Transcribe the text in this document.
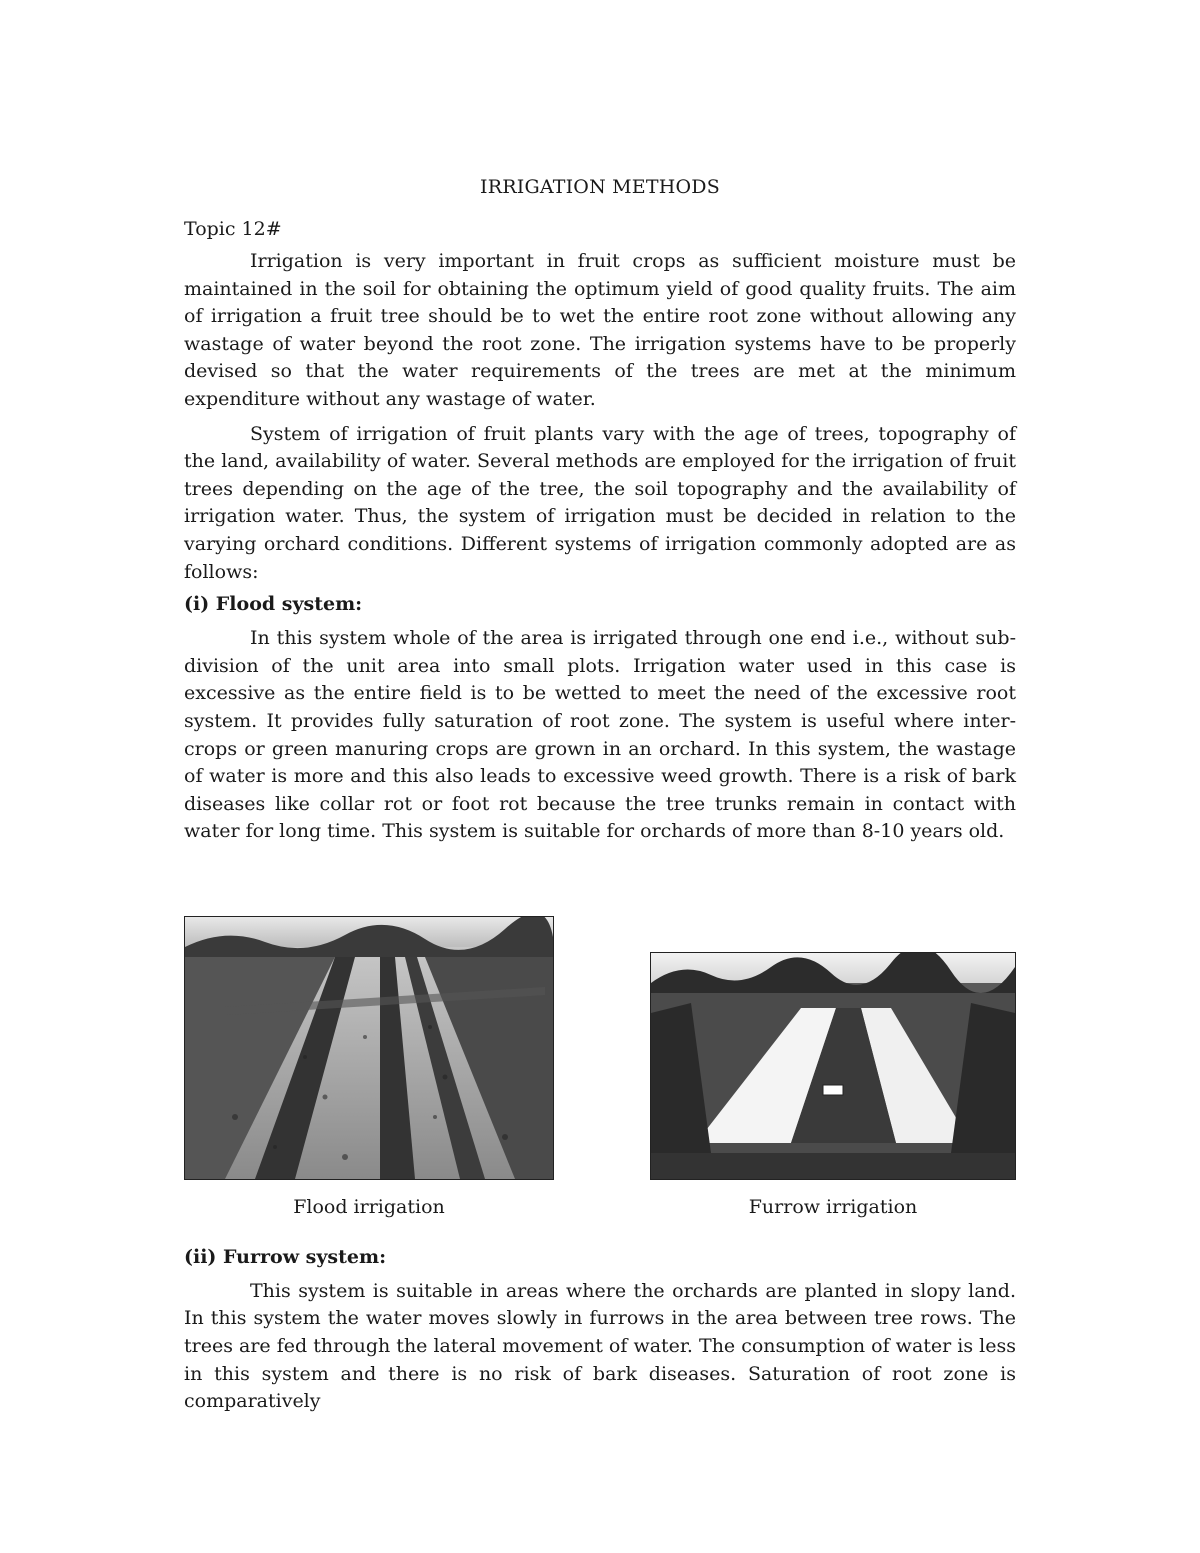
IRRIGATION METHODS
Topic 12#

Irrigation is very important in fruit crops as sufficient moisture must be maintained in the soil for obtaining the optimum yield of good quality fruits. The aim of irrigation a fruit tree should be to wet the entire root zone without allowing any wastage of water beyond the root zone. The irrigation systems have to be properly devised so that the water requirements of the trees are met at the minimum expenditure without any wastage of water.

System of irrigation of fruit plants vary with the age of trees, topography of the land, availability of water. Several methods are employed for the irrigation of fruit trees depending on the age of the tree, the soil topography and the availability of irrigation water. Thus, the system of irrigation must be decided in relation to the varying orchard conditions. Different systems of irrigation commonly adopted are as follows:

(i) Flood system:

In this system whole of the area is irrigated through one end i.e., without sub-division of the unit area into small plots. Irrigation water used in this case is excessive as the entire field is to be wetted to meet the need of the excessive root system. It provides fully saturation of root zone. The system is useful where inter- crops or green manuring crops are grown in an orchard. In this system, the wastage of water is more and this also leads to excessive weed growth. There is a risk of bark diseases like collar rot or foot rot because the tree trunks remain in contact with water for long time. This system is suitable for orchards of more than 8-10 years old.

Flood irrigation	Furrow irrigation
(ii) Furrow system:

This system is suitable in areas where the orchards are planted in slopy land. In this system the water moves slowly in furrows in the area between tree rows. The trees are fed through the lateral movement of water. The consumption of water is less in this system and there is no risk of bark diseases. Saturation of root zone is comparatively
